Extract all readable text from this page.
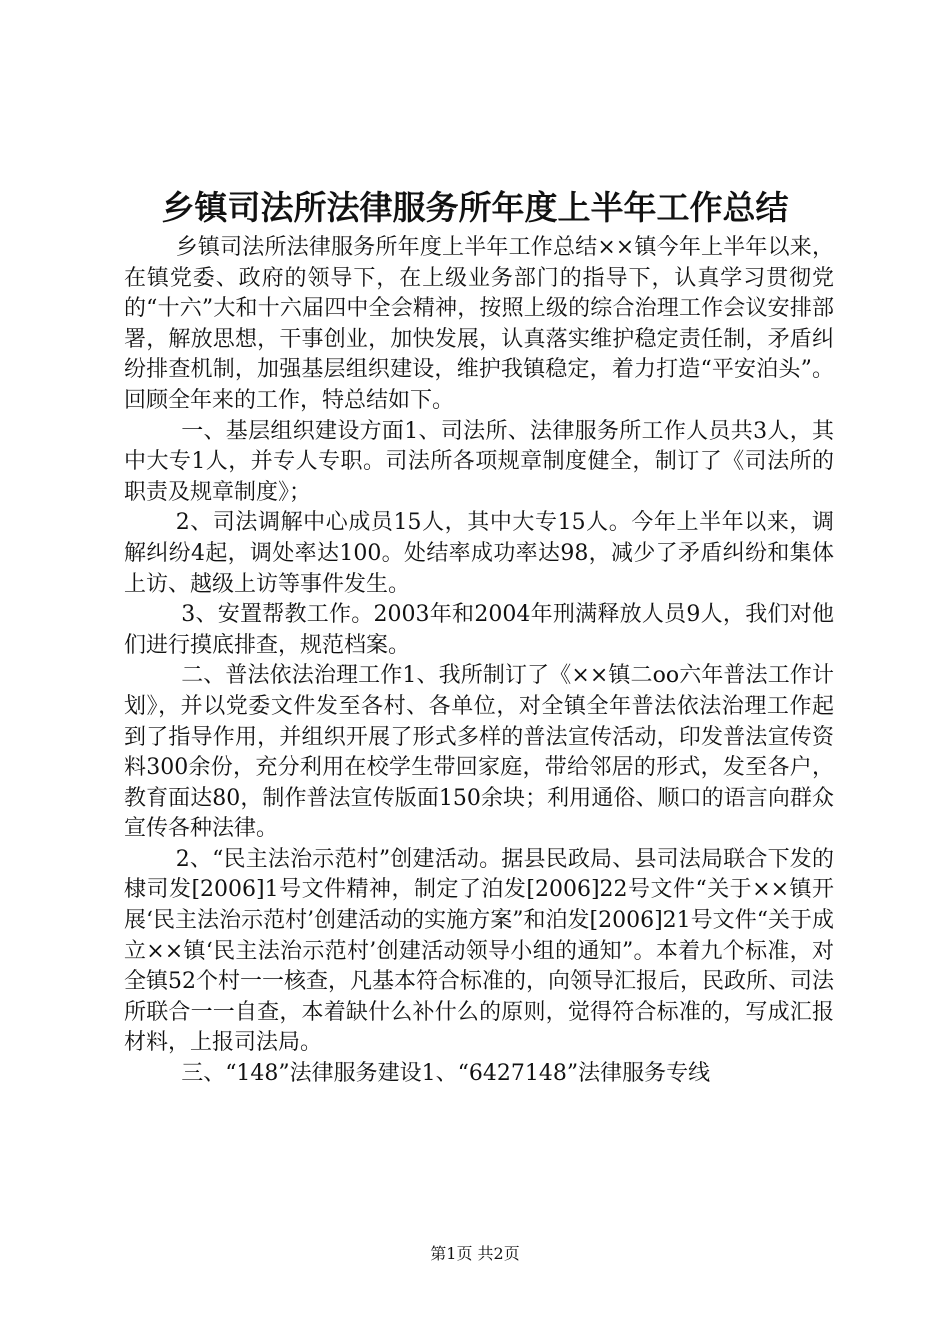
乡镇司法所法律服务所年度上半年工作总结

乡镇司法所法律服务所年度上半年工作总结××镇今年上半年以来，在镇党委、政府的领导下，在上级业务部门的指导下，认真学习贯彻党的“十六”大和十六届四中全会精神，按照上级的综合治理工作会议安排部署，解放思想，干事创业，加快发展，认真落实维护稳定责任制，矛盾纠纷排查机制，加强基层组织建设，维护我镇稳定，着力打造“平安泊头”。回顾全年来的工作，特总结如下。

一、基层组织建设方面1、司法所、法律服务所工作人员共3人，其中大专1人，并专人专职。司法所各项规章制度健全，制订了《司法所的职责及规章制度》；

2、司法调解中心成员15人，其中大专15人。今年上半年以来，调解纠纷4起，调处率达100。处结率成功率达98，减少了矛盾纠纷和集体上访、越级上访等事件发生。

3、安置帮教工作。2003年和2004年刑满释放人员9人，我们对他们进行摸底排查，规范档案。

二、普法依法治理工作1、我所制订了《××镇二oo六年普法工作计划》，并以党委文件发至各村、各单位，对全镇全年普法依法治理工作起到了指导作用，并组织开展了形式多样的普法宣传活动，印发普法宣传资料300余份，充分利用在校学生带回家庭，带给邻居的形式，发至各户，教育面达80，制作普法宣传版面150余块；利用通俗、顺口的语言向群众宣传各种法律。

2、“民主法治示范村”创建活动。据县民政局、县司法局联合下发的棣司发[2006]1号文件精神，制定了泊发[2006]22号文件“关于××镇开展‘民主法治示范村’创建活动的实施方案”和泊发[2006]21号文件“关于成立××镇‘民主法治示范村’创建活动领导小组的通知”。本着九个标准，对全镇52个村一一核查，凡基本符合标准的，向领导汇报后，民政所、司法所联合一一自查，本着缺什么补什么的原则，觉得符合标准的，写成汇报材料，上报司法局。

三、“148”法律服务建设1、“6427148”法律服务专线

第1页 共2页
